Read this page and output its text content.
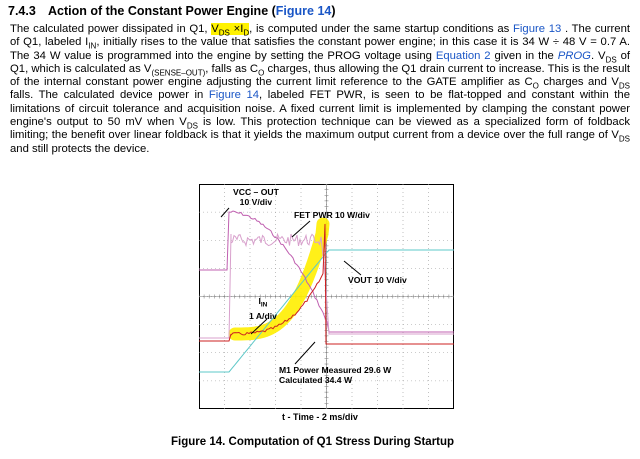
7.4.3 Action of the Constant Power Engine (Figure 14)
The calculated power dissipated in Q1, $V_{DS} \times I_D$, is computed under the same startup conditions as Figure 13 . The current of Q1, labeled $I_{IN}$, initially rises to the value that satisfies the constant power engine; in this case it is 34 W ÷ 48 V = 0.7 A. The 34 W value is programmed into the engine by setting the PROG voltage using Equation 2 given in the PROG. $V_{DS}$ of Q1, which is calculated as $V_{(SENSE-OUT)}$, falls as $C_O$ charges, thus allowing the Q1 drain current to increase. This is the result of the internal constant power engine adjusting the current limit reference to the GATE amplifier as $C_O$ charges and $V_{DS}$ falls. The calculated device power in Figure 14, labeled FET PWR, is seen to be flat-topped and constant within the limitations of circuit tolerance and acquisition noise. A fixed current limit is implemented by clamping the constant power engine's output to 50 mV when $V_{DS}$ is low. This protection technique can be viewed as a specialized form of foldback limiting; the benefit over linear foldback is that it yields the maximum output current from a device over the full range of $V_{DS}$ and still protects the device.
VCC – OUT
10 V/div
FET PWR 10 W/div
VOUT 10 V/div
$I_{IN}$
1 A/div
M1 Power Measured 29.6 W
Calculated 34.4 W
t - Time - 2 ms/div
Figure 14. Computation of Q1 Stress During Startup
